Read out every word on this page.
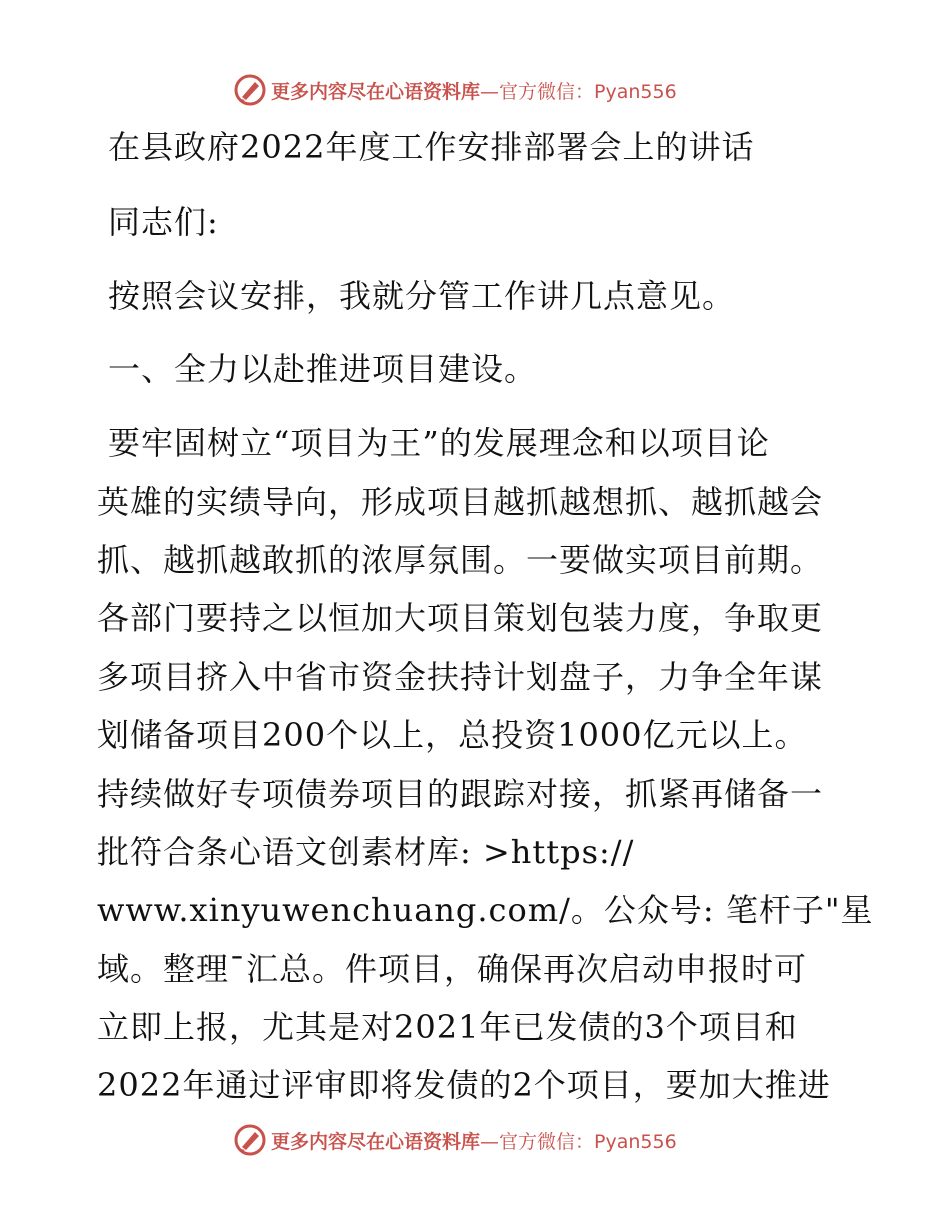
更多内容尽在心语资料库 —官方微信：Pyan556
在县政府2022年度工作安排部署会上的讲话
同志们:
按照会议安排，我就分管工作讲几点意见。
一、全力以赴推进项目建设。
要牢固树立“项目为王”的发展理念和以项目论
英雄的实绩导向，形成项目越抓越想抓、越抓越会
抓、越抓越敢抓的浓厚氛围。一要做实项目前期。
各部门要持之以恒加大项目策划包装力度，争取更
多项目挤入中省市资金扶持计划盘子，力争全年谋
划储备项目200个以上，总投资1000亿元以上。
持续做好专项债券项目的跟踪对接，抓紧再储备一
批符合条心语文创素材库: >https://
www.xinyuwenchuang.com/。公众号: 笔杆子"星
域。整理¯汇总。件项目，确保再次启动申报时可
立即上报，尤其是对2021年已发债的3个项目和
2022年通过评审即将发债的2个项目，要加大推进
更多内容尽在心语资料库 —官方微信：Pyan556
